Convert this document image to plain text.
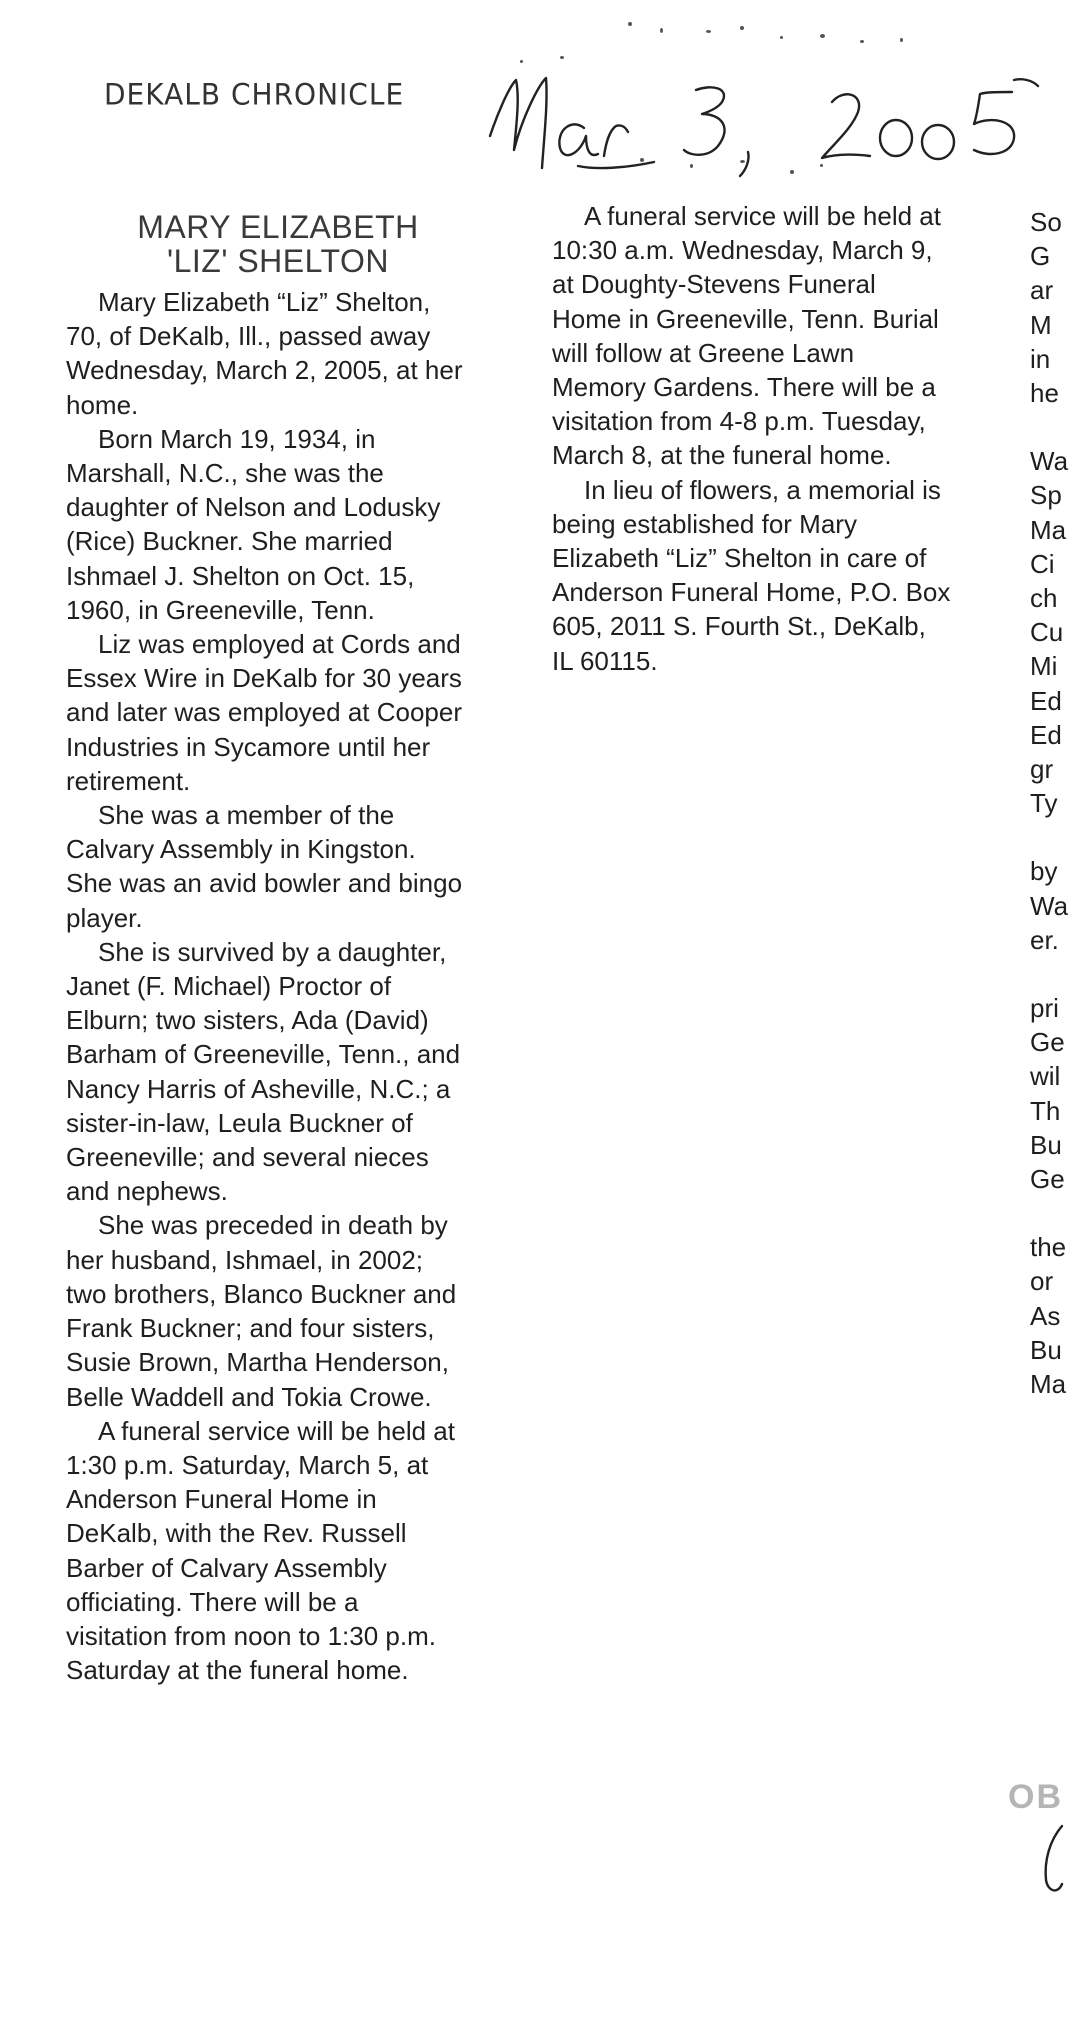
DEKALB CHRONICLE
Mar 3, 2005
MARY ELIZABETH
'LIZ' SHELTON

Mary Elizabeth “Liz” Shelton, 70, of DeKalb, Ill., passed away Wednesday, March 2, 2005, at her home.

Born March 19, 1934, in Marshall, N.C., she was the daughter of Nelson and Lodusky (Rice) Buckner. She married Ishmael J. Shelton on Oct. 15, 1960, in Greeneville, Tenn.

Liz was employed at Cords and Essex Wire in DeKalb for 30 years and later was employed at Cooper Industries in Sycamore until her retirement.

She was a member of the Calvary Assembly in Kingston. She was an avid bowler and bingo player.

She is survived by a daughter, Janet (F. Michael) Proctor of Elburn; two sisters, Ada (David) Barham of Greeneville, Tenn., and Nancy Harris of Asheville, N.C.; a sister-in-law, Leula Buckner of Greeneville; and several nieces and nephews.

She was preceded in death by her husband, Ishmael, in 2002; two brothers, Blanco Buckner and Frank Buckner; and four sisters, Susie Brown, Martha Henderson, Belle Waddell and Tokia Crowe.

A funeral service will be held at 1:30 p.m. Saturday, March 5, at Anderson Funeral Home in DeKalb, with the Rev. Russell Barber of Calvary Assembly officiating. There will be a visitation from noon to 1:30 p.m. Saturday at the funeral home.

A funeral service will be held at 10:30 a.m. Wednesday, March 9, at Doughty-Stevens Funeral Home in Greeneville, Tenn. Burial will follow at Greene Lawn Memory Gardens. There will be a visitation from 4-8 p.m. Tuesday, March 8, at the funeral home.

In lieu of flowers, a memorial is being established for Mary Elizabeth “Liz” Shelton in care of Anderson Funeral Home, P.O. Box 605, 2011 S. Fourth St., DeKalb, IL 60115.

So
G
ar
M
in
he
Wa
Sp
Ma
Ci
ch
Cu
Mi
Ed
Ed
gr
Ty
by
Wa
er.
pri
Ge
wil
Th
Bu
Ge
the
or
As
Bu
Ma
OB
